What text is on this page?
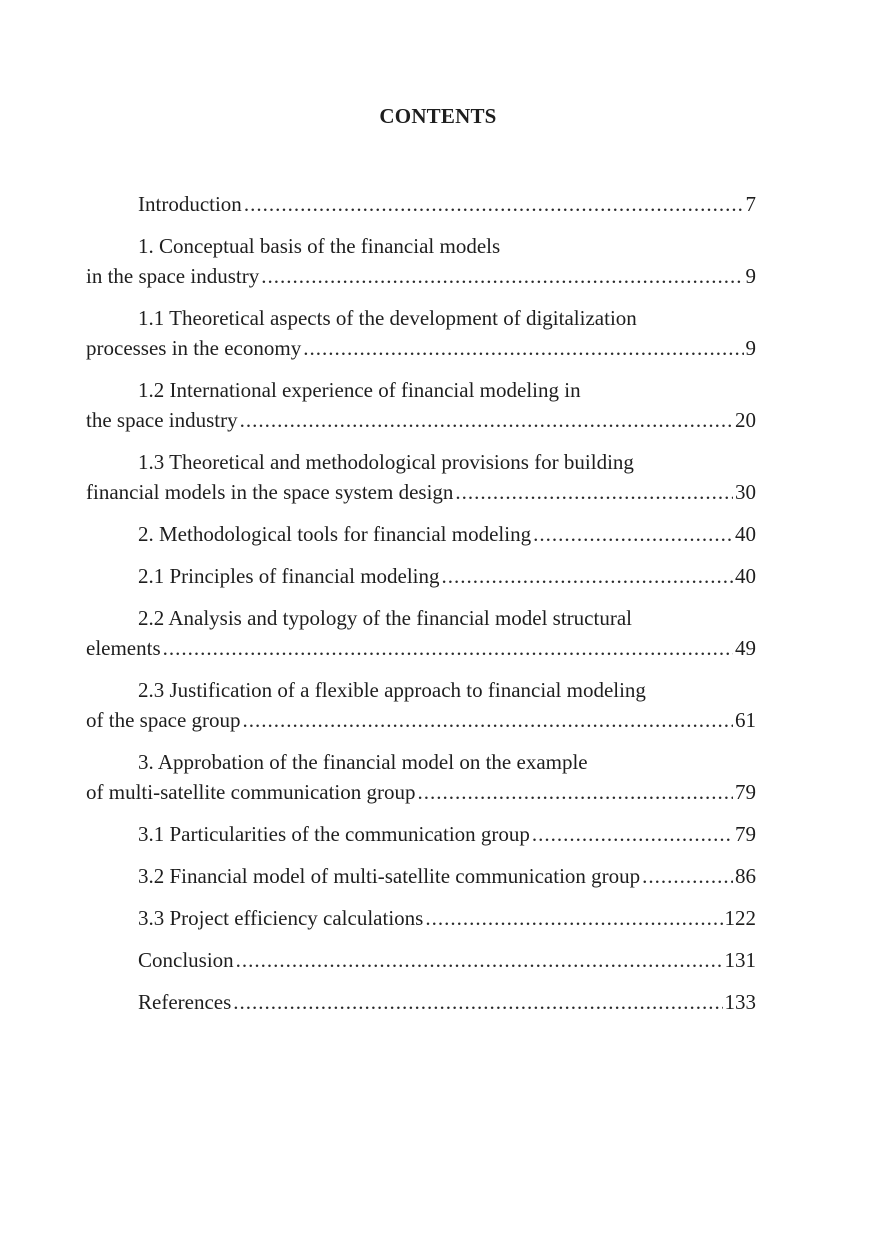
CONTENTS
Introduction .....	7
1. Conceptual basis of the financial models
in the space industry .....	9
1.1 Theoretical aspects of the development of digitalization
processes in the economy .....	9
1.2 International experience of financial modeling in
the space industry .....	20
1.3 Theoretical and methodological provisions for building
financial models in the space system design .....	30
2. Methodological tools for financial modeling .....	40
2.1 Principles of financial modeling .....	40
2.2 Analysis and typology of the financial model structural
elements .....	49
2.3 Justification of a flexible approach to financial modeling
of the space group .....	61
3. Approbation of the financial model on the example
of multi-satellite communication group .....	79
3.1 Particularities of the communication group .....	79
3.2 Financial model of multi-satellite communication group .....	86
3.3 Project efficiency calculations .....	122
Conclusion .....	131
References .....	133
